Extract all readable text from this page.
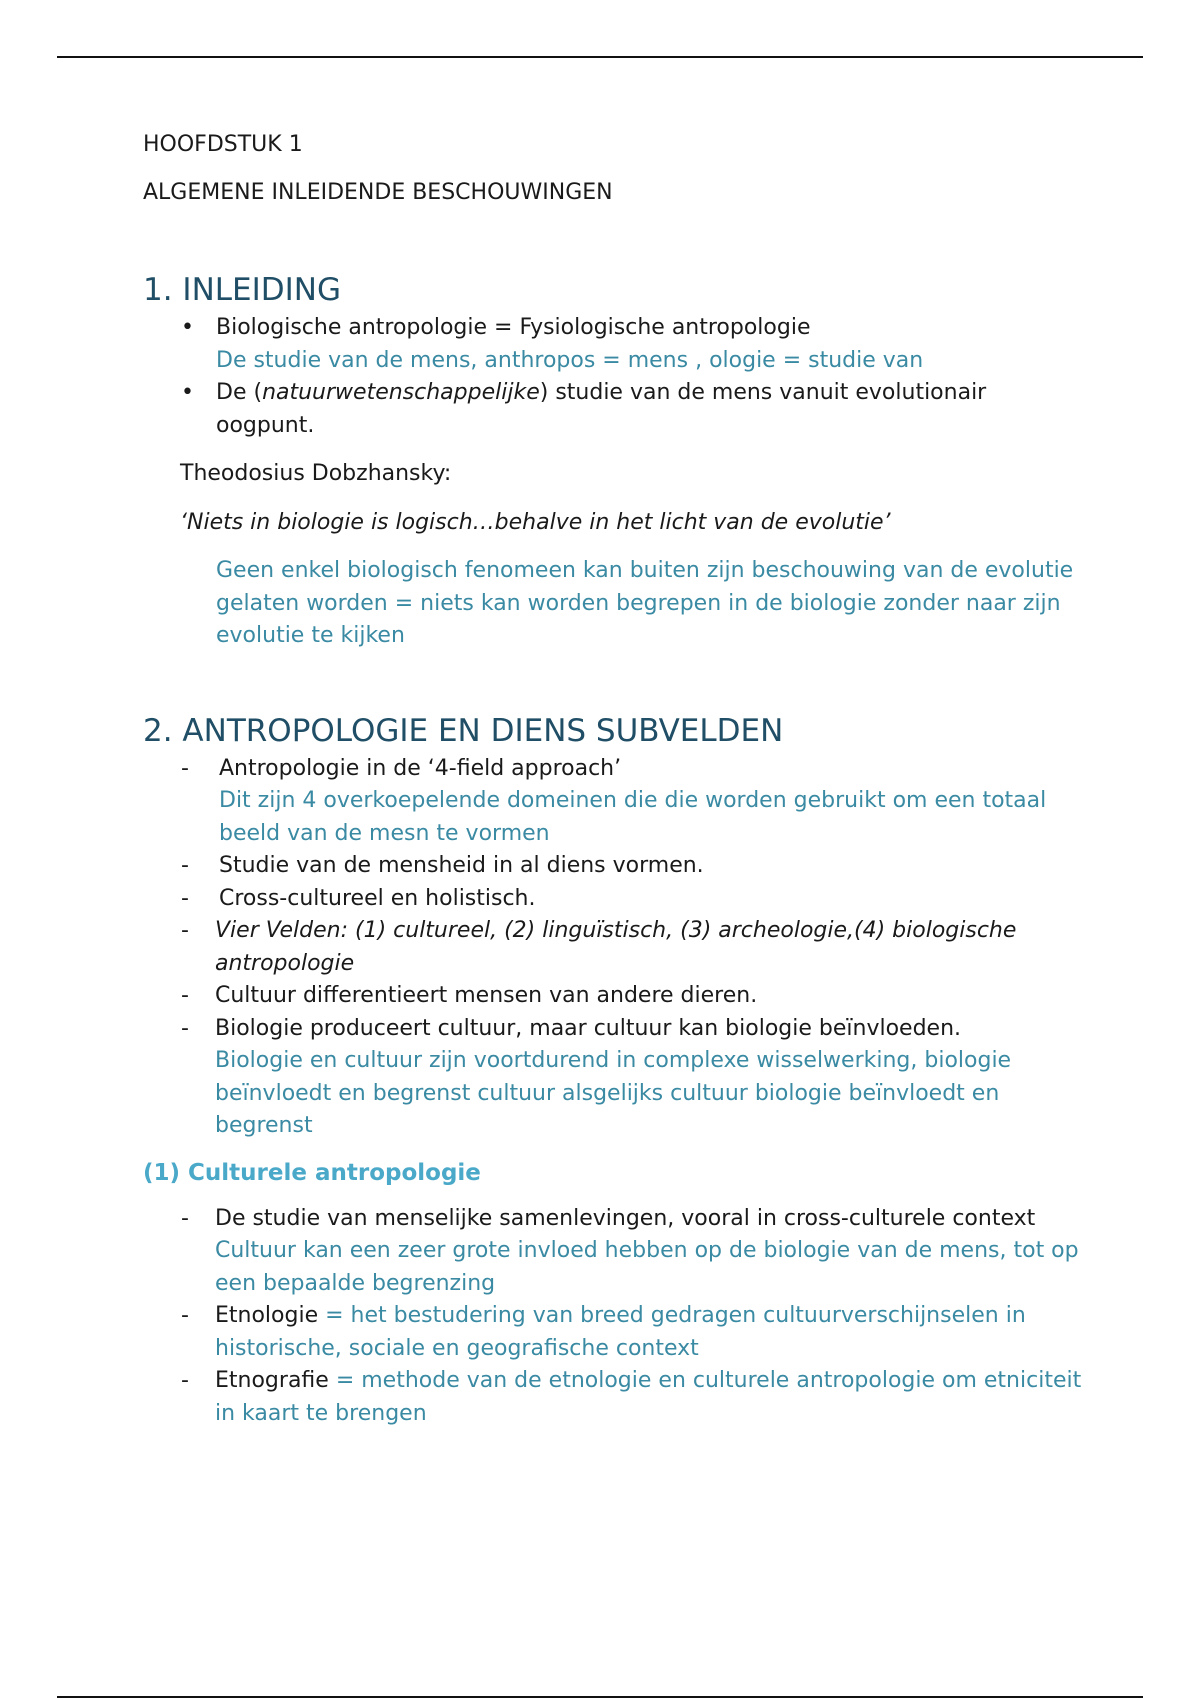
HOOFDSTUK 1

ALGEMENE INLEIDENDE BESCHOUWINGEN

1. INLEIDING
• Biologische antropologie = Fysiologische antropologie
De studie van de mens, anthropos = mens , ologie = studie van
• De (natuurwetenschappelijke) studie van de mens vanuit evolutionair oogpunt.
Theodosius Dobzhansky:
‘Niets in biologie is logisch…behalve in het licht van de evolutie’
Geen enkel biologisch fenomeen kan buiten zijn beschouwing van de evolutie gelaten worden = niets kan worden begrepen in de biologie zonder naar zijn evolutie te kijken
2. ANTROPOLOGIE EN DIENS SUBVELDEN
- Antropologie in de ‘4-field approach’
Dit zijn 4 overkoepelende domeinen die die worden gebruikt om een totaal beeld van de mesn te vormen
- Studie van de mensheid in al diens vormen.
- Cross-cultureel en holistisch.
- Vier Velden: (1) cultureel, (2) linguïstisch, (3) archeologie,(4) biologische antropologie
- Cultuur differentieert mensen van andere dieren.
- Biologie produceert cultuur, maar cultuur kan biologie beïnvloeden.
Biologie en cultuur zijn voortdurend in complexe wisselwerking, biologie beïnvloedt en begrenst cultuur alsgelijks cultuur biologie beïnvloedt en begrenst
(1) Culturele antropologie
- De studie van menselijke samenlevingen, vooral in cross-culturele context
Cultuur kan een zeer grote invloed hebben op de biologie van de mens, tot op een bepaalde begrenzing
- Etnologie = het bestudering van breed gedragen cultuurverschijnselen in historische, sociale en geografische context
- Etnografie = methode van de etnologie en culturele antropologie om etniciteit in kaart te brengen
